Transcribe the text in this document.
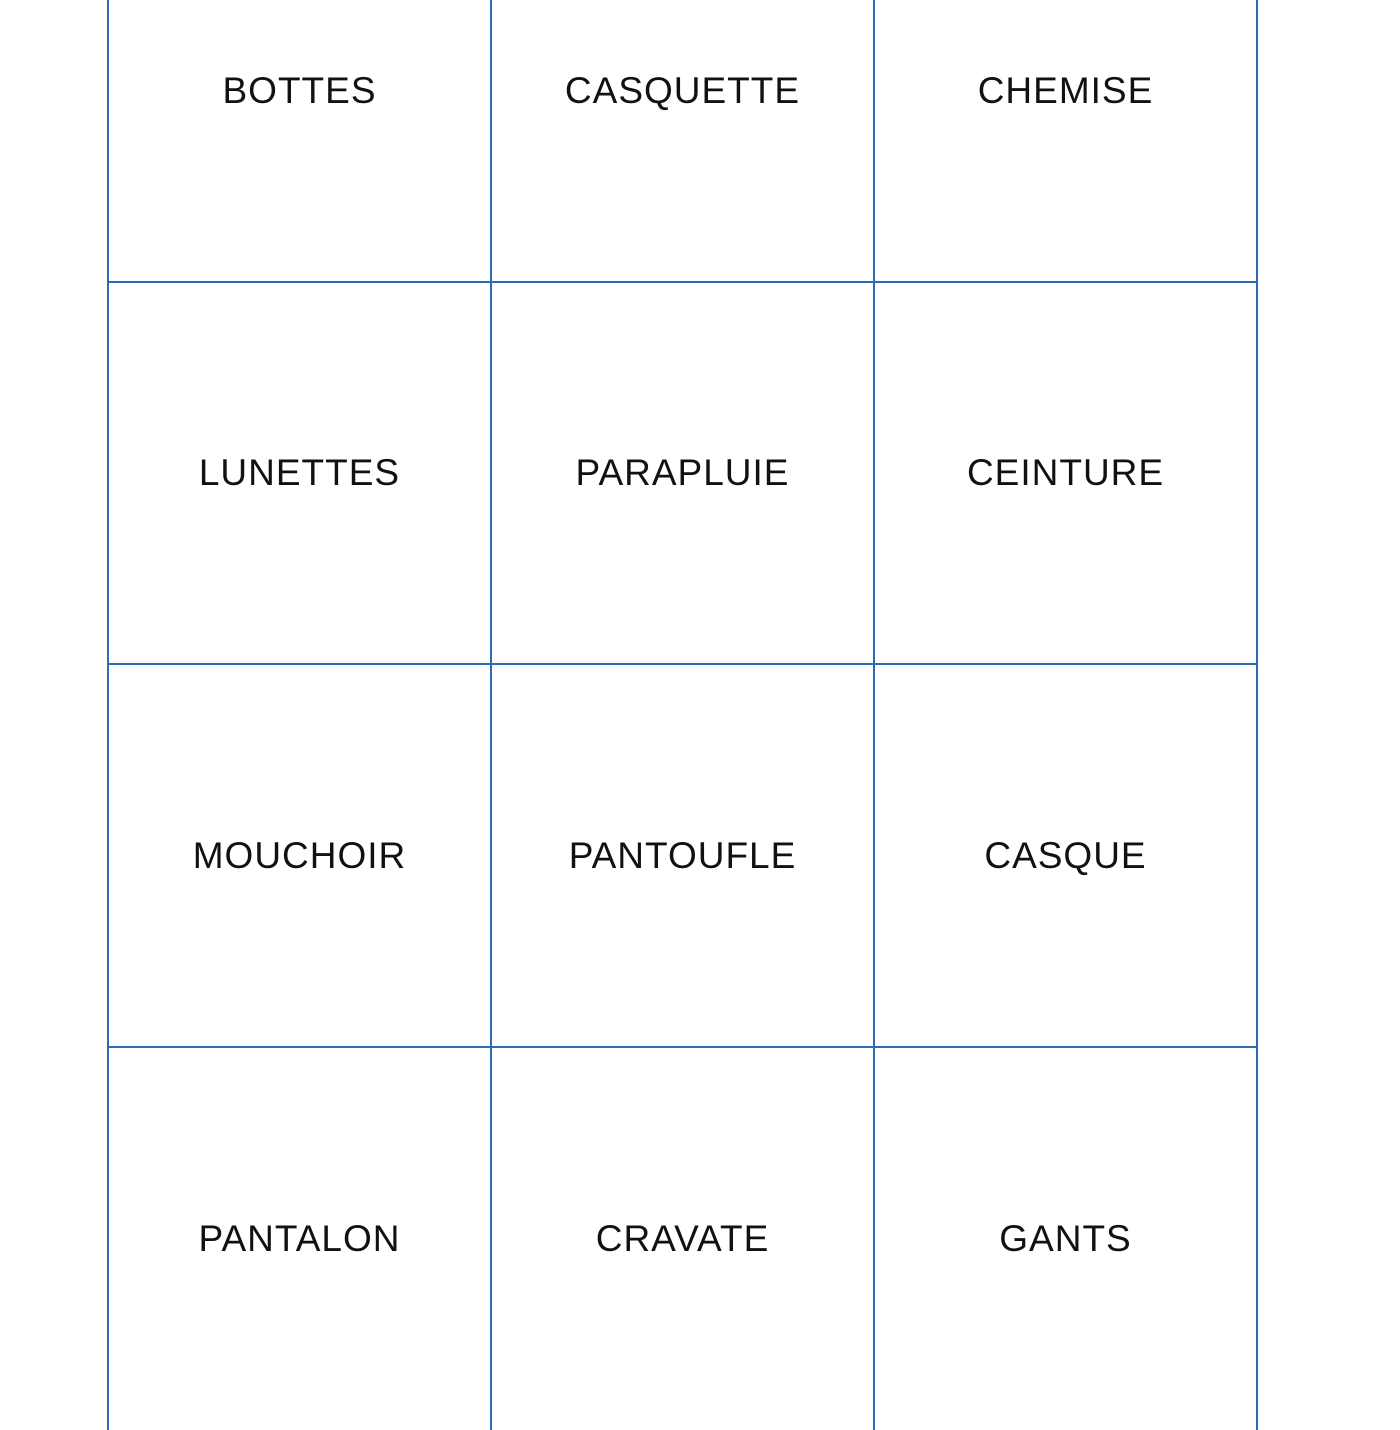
BOTTES	CASQUETTE	CHEMISE
LUNETTES	PARAPLUIE	CEINTURE
MOUCHOIR	PANTOUFLE	CASQUE
PANTALON	CRAVATE	GANTS
